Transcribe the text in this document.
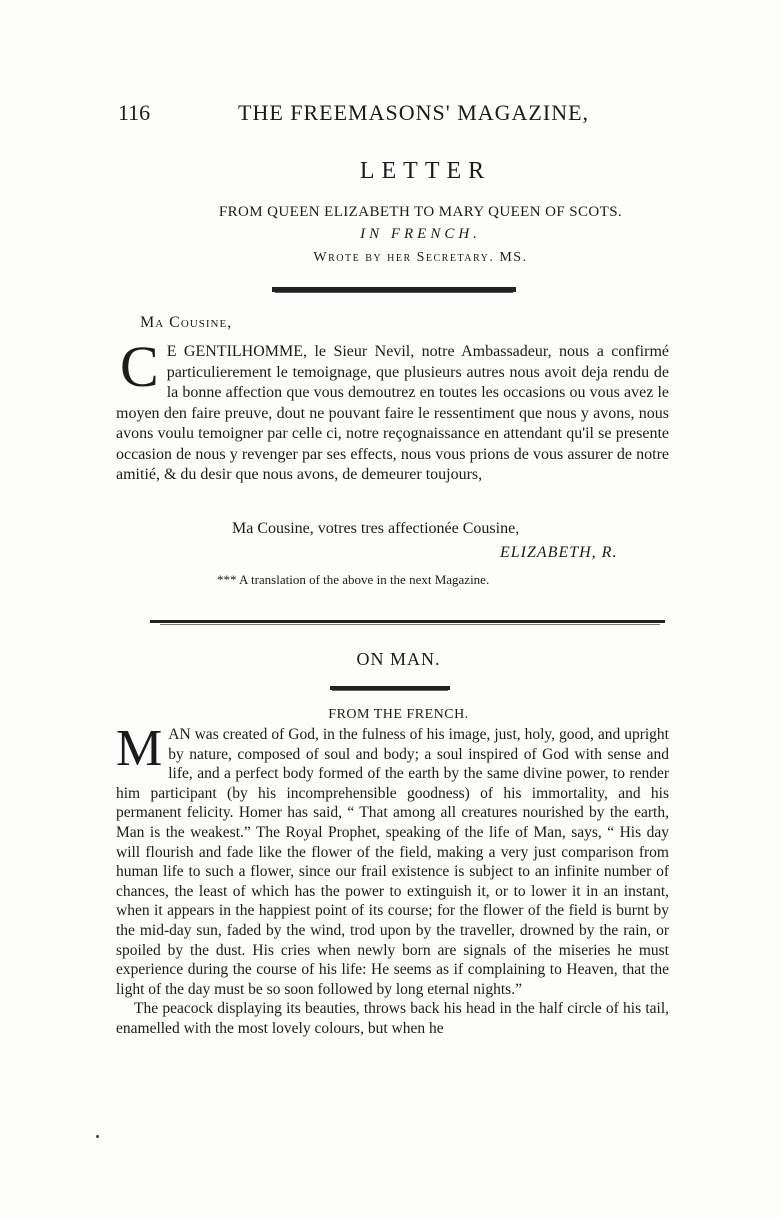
116	THE FREEMASONS' MAGAZINE,
LETTER
FROM QUEEN ELIZABETH TO MARY QUEEN OF SCOTS.
IN FRENCH.
Wrote by her Secretary. MS.
Ma Cousine,
C E GENTILHOMME, le Sieur Nevil, notre Ambassadeur, nous a confirmé particulierement le temoignage, que plusieurs autres nous avoit deja rendu de la bonne affection que vous demoutrez en toutes les occasions ou vous avez le moyen den faire preuve, dout ne pouvant faire le ressentiment que nous y avons, nous avons voulu temoigner par celle ci, notre reçognaissance en attendant qu'il se presente occasion de nous y revenger par ses effects, nous vous prions de vous assurer de notre amitié, & du desir que nous avons, de demeurer toujours,
Ma Cousine, votres tres affectionée Cousine,
ELIZABETH, R.
*** A translation of the above in the next Magazine.
ON MAN.
FROM THE FRENCH.
MAN was created of God, in the fulness of his image, just, holy, good, and upright by nature, composed of soul and body; a soul inspired of God with sense and life, and a perfect body formed of the earth by the same divine power, to render him participant (by his incomprehensible goodness) of his immortality, and his permanent felicity. Homer has said, “ That among all creatures nourished by the earth, Man is the weakest.” The Royal Prophet, speaking of the life of Man, says, “ His day will flourish and fade like the flower of the field, making a very just comparison from human life to such a flower, since our frail existence is subject to an infinite number of chances, the least of which has the power to extinguish it, or to lower it in an instant, when it appears in the happiest point of its course; for the flower of the field is burnt by the mid-day sun, faded by the wind, trod upon by the traveller, drowned by the rain, or spoiled by the dust. His cries when newly born are signals of the miseries he must experience during the course of his life: He seems as if complaining to Heaven, that the light of the day must be so soon followed by long eternal nights.”
The peacock displaying its beauties, throws back his head in the half circle of his tail, enamelled with the most lovely colours, but when he
